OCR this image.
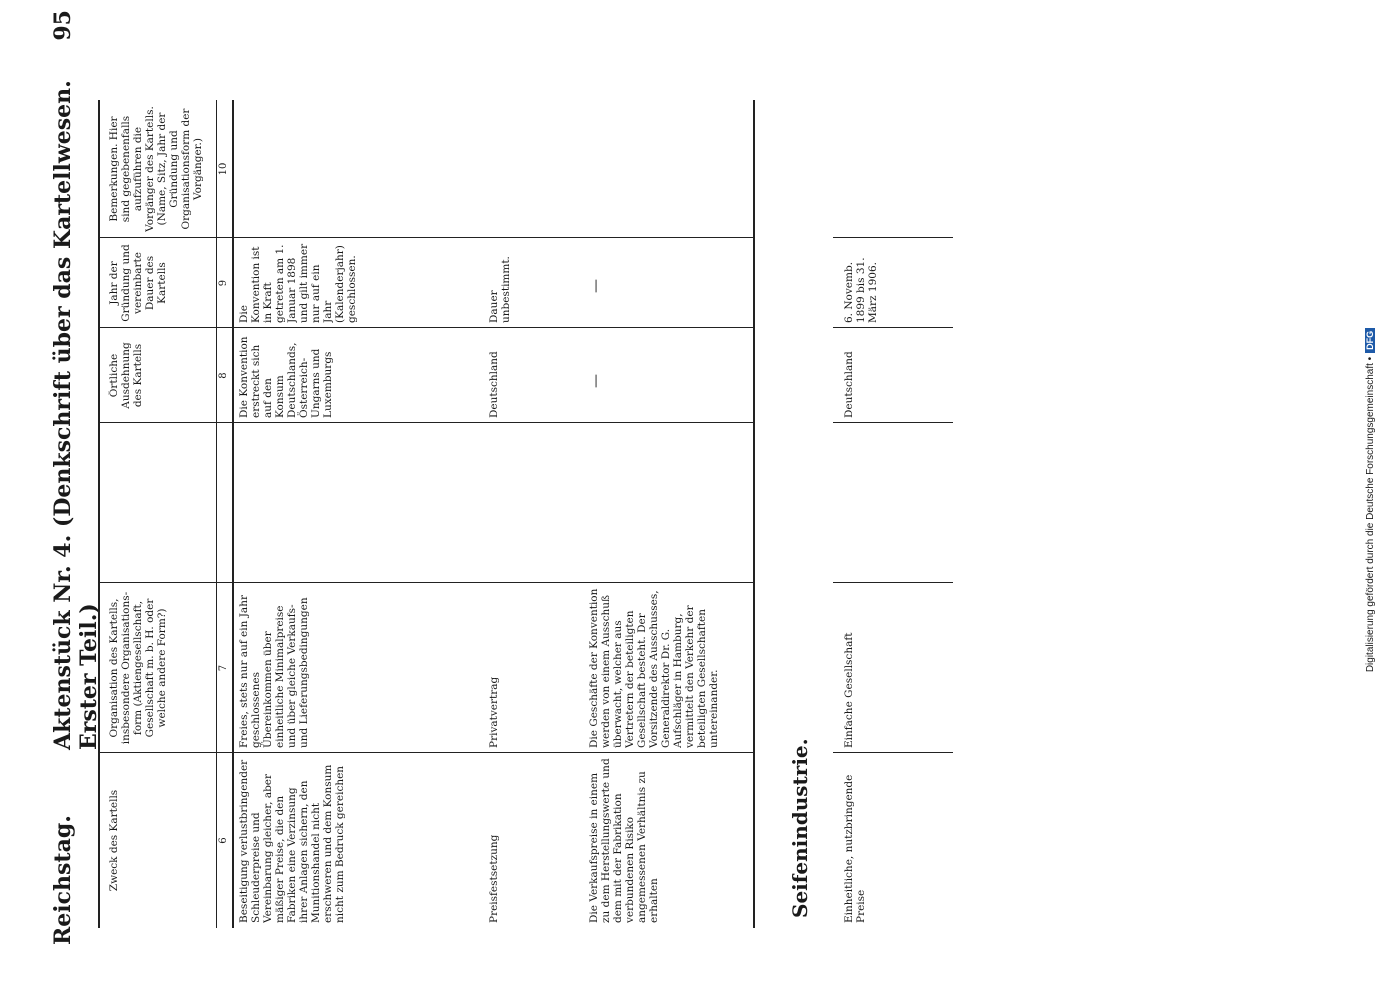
Reichstag.
Aktenstück Nr. 4. (Denkschrift über das Kartellwesen. Erster Teil.)
95
Zweck des Kartells
Organisation des Kartells, insbesondere Organisations-form (Aktiengesellschaft, Gesellschaft m. b. H. oder welche andere Form?)
Örtliche Ausdehnung des Kartells
Jahr der Gründung und vereinbarte Dauer des Kartells
Bemerkungen. Hier sind gegebenenfalls aufzuführen die Vorgänger des Kartells. (Name, Sitz, Jahr der Gründung und Organisationsform der Vorgänger.)
6
7
8
9
10
Beseitigung verlustbringender Schleuderpreise und Vereinbarung gleicher, aber mäßiger Preise, die den Fabriken eine Verzinsung ihrer Anlagen sichern, den Munitionshandel nicht erschweren und dem Konsum nicht zum Bedruck gereichen
Freies, stets nur auf ein Jahr geschlossenes Übereinkommen über einheitliche Minimalpreise und über gleiche Verkaufs- und Lieferungsbedingungen
Die Konvention erstreckt sich auf den Konsum Deutschlands, Österreich-Ungarns und Luxemburgs
Die Konvention ist in Kraft getreten am 1. Januar 1898 und gilt immer nur auf ein Jahr (Kalenderjahr) geschlossen.
Preisfestsetzung
Privatvertrag
Deutschland
Dauer unbestimmt.
Die Verkaufspreise in einem zu dem Herstellungswerte und dem mit der Fabrikation verbundenen Risiko angemessenen Verhältnis zu erhalten
Die Geschäfte der Konvention werden von einem Ausschuß überwacht, welcher aus Vertretern der beteiligten Gesellschaft besteht. Der Vorsitzende des Ausschusses, Generaldirektor Dr. G. Aufschläger in Hamburg, vermittelt den Verkehr der beteiligten Gesellschaften untereinander.
—
—
Seifenindustrie.	Einheitliche, nutzbringende Preise
Einfache Gesellschaft
Deutschland
6. Novemb. 1899 bis 31. März 1906.
Digitalisierung gefördert durch die Deutsche Forschungsgemeinschaft •DFG
